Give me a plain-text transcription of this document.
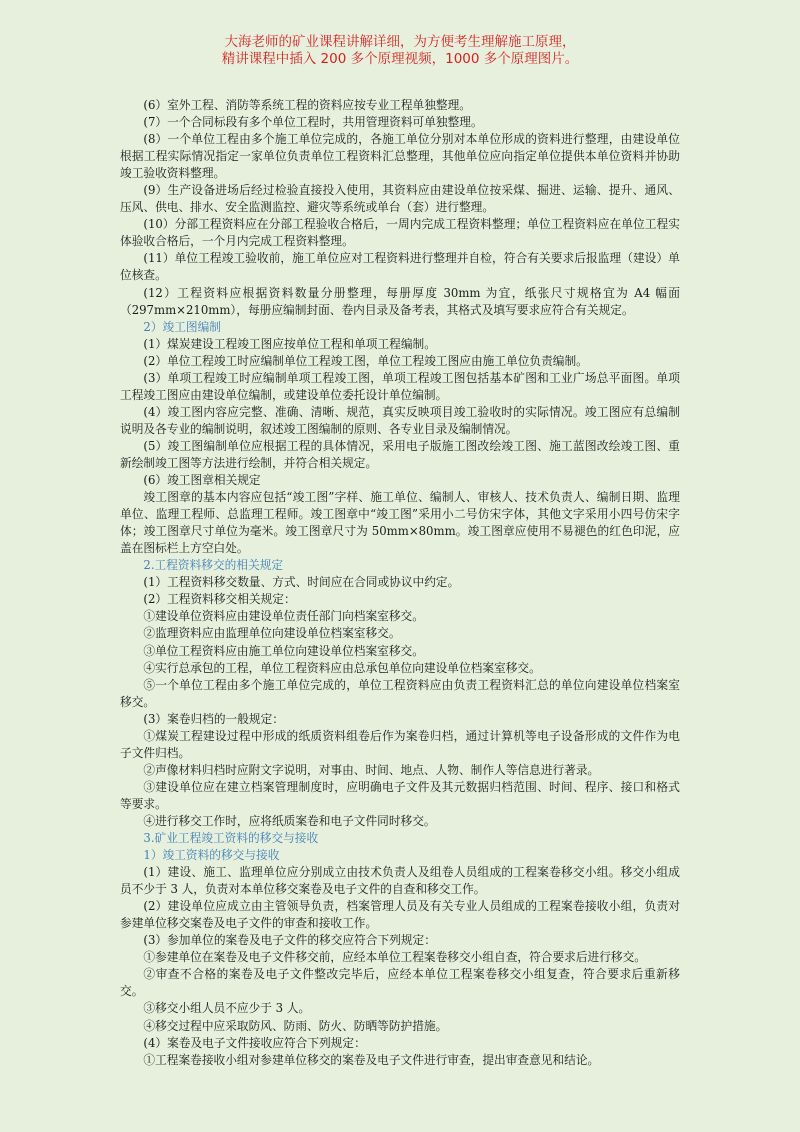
大海老师的矿业课程讲解详细，为方便考生理解施工原理，
精讲课程中插入 200 多个原理视频，1000 多个原理图片。

(6）室外工程、消防等系统工程的资料应按专业工程单独整理。

(7）一个合同标段有多个单位工程时，共用管理资料可单独整理。

(8）一个单位工程由多个施工单位完成的，各施工单位分别对本单位形成的资料进行整理，由建设单位根据工程实际情况指定一家单位负责单位工程资料汇总整理，其他单位应向指定单位提供本单位资料并协助竣工验收资料整理。

(9）生产设备进场后经过检验直接投入使用，其资料应由建设单位按采煤、掘进、运输、提升、通风、压风、供电、排水、安全监测监控、避灾等系统或单台（套）进行整理。

(10）分部工程资料应在分部工程验收合格后，一周内完成工程资料整理；单位工程资料应在单位工程实体验收合格后，一个月内完成工程资料整理。

(11）单位工程竣工验收前，施工单位应对工程资料进行整理并自检，符合有关要求后报监理（建设）单位核查。

(12）工程资料应根据资料数量分册整理，每册厚度 30mm 为宜，纸张尺寸规格宜为 A4 幅面（297mm×210mm），每册应编制封面、卷内目录及备考表，其格式及填写要求应符合有关规定。

2）竣工图编制

(1）煤炭建设工程竣工图应按单位工程和单项工程编制。

(2）单位工程竣工时应编制单位工程竣工图，单位工程竣工图应由施工单位负责编制。

(3）单项工程竣工时应编制单项工程竣工图，单项工程竣工图包括基本矿图和工业广场总平面图。单项工程竣工图应由建设单位编制，或建设单位委托设计单位编制。

(4）竣工图内容应完整、准确、清晰、规范，真实反映项目竣工验收时的实际情况。竣工图应有总编制说明及各专业的编制说明，叙述竣工图编制的原则、各专业目录及编制情况。

(5）竣工图编制单位应根据工程的具体情况，采用电子版施工图改绘竣工图、施工蓝图改绘竣工图、重新绘制竣工图等方法进行绘制，并符合相关规定。

(6）竣工图章相关规定

竣工图章的基本内容应包括“竣工图”字样、施工单位、编制人、审核人、技术负责人、编制日期、监理单位、监理工程师、总监理工程师。竣工图章中“竣工图”采用小二号仿宋字体，其他文字采用小四号仿宋字体；竣工图章尺寸单位为毫米。竣工图章尺寸为 50mm×80mm。竣工图章应使用不易褪色的红色印泥，应盖在图标栏上方空白处。

2.工程资料移交的相关规定

(1）工程资料移交数量、方式、时间应在合同或协议中约定。

(2）工程资料移交相关规定：

①建设单位资料应由建设单位责任部门向档案室移交。

②监理资料应由监理单位向建设单位档案室移交。

③单位工程资料应由施工单位向建设单位档案室移交。

④实行总承包的工程，单位工程资料应由总承包单位向建设单位档案室移交。

⑤一个单位工程由多个施工单位完成的，单位工程资料应由负责工程资料汇总的单位向建设单位档案室移交。

(3）案卷归档的一般规定：

①煤炭工程建设过程中形成的纸质资料组卷后作为案卷归档，通过计算机等电子设备形成的文件作为电子文件归档。

②声像材料归档时应附文字说明，对事由、时间、地点、人物、制作人等信息进行著录。

③建设单位应在建立档案管理制度时，应明确电子文件及其元数据归档范围、时间、程序、接口和格式等要求。

④进行移交工作时，应将纸质案卷和电子文件同时移交。

3.矿业工程竣工资料的移交与接收

1）竣工资料的移交与接收

(1）建设、施工、监理单位应分别成立由技术负责人及组卷人员组成的工程案卷移交小组。移交小组成员不少于 3 人，负责对本单位移交案卷及电子文件的自查和移交工作。

(2）建设单位应成立由主管领导负责，档案管理人员及有关专业人员组成的工程案卷接收小组，负责对参建单位移交案卷及电子文件的审查和接收工作。

(3）参加单位的案卷及电子文件的移交应符合下列规定：

①参建单位在案卷及电子文件移交前，应经本单位工程案卷移交小组自查，符合要求后进行移交。

②审查不合格的案卷及电子文件整改完毕后，应经本单位工程案卷移交小组复查，符合要求后重新移交。

③移交小组人员不应少于 3 人。

④移交过程中应采取防风、防雨、防火、防晒等防护措施。

(4）案卷及电子文件接收应符合下列规定：

①工程案卷接收小组对参建单位移交的案卷及电子文件进行审查，提出审查意见和结论。
